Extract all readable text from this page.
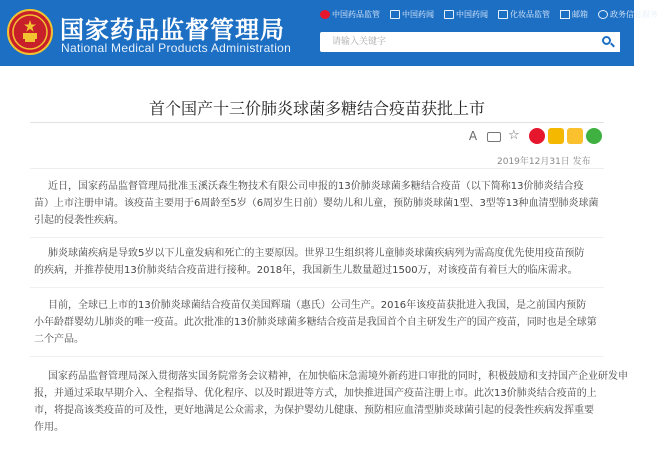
国家药品监督管理局
National Medical Products Administration
中国药品监管	中国药闻	中国药闻	化妆品监管	邮箱	政务信息服务
请输入关键字
首个国产十三价肺炎球菌多糖结合疫苗获批上市
A ☆
2019年12月31日 发布
近日，国家药品监督管理局批准玉溪沃森生物技术有限公司申报的13价肺炎球菌多糖结合疫苗（以下简称13价肺炎结合疫
苗）上市注册申请。该疫苗主要用于6周龄至5岁（6周岁生日前）婴幼儿和儿童，预防肺炎球菌1型、3型等13种血清型肺炎球菌
引起的侵袭性疾病。
肺炎球菌疾病是导致5岁以下儿童发病和死亡的主要原因。世界卫生组织将儿童肺炎球菌疾病列为需高度优先使用疫苗预防
的疾病，并推荐使用13价肺炎结合疫苗进行接种。2018年，我国新生儿数量超过1500万，对该疫苗有着巨大的临床需求。
目前，全球已上市的13价肺炎球菌结合疫苗仅美国辉瑞（惠氏）公司生产。2016年该疫苗获批进入我国，是之前国内预防
小年龄群婴幼儿肺炎的唯一疫苗。此次批准的13价肺炎球菌多糖结合疫苗是我国首个自主研发生产的国产疫苗，同时也是全球第
二个产品。
国家药品监督管理局深入贯彻落实国务院常务会议精神，在加快临床急需境外新药进口审批的同时，积极鼓励和支持国产企业研发申
报，并通过采取早期介入、全程指导、优化程序、以及时跟进等方式，加快推进国产疫苗注册上市。此次13价肺炎结合疫苗的上
市，将提高该类疫苗的可及性，更好地满足公众需求，为保护婴幼儿健康、预防相应血清型肺炎球菌引起的侵袭性疾病发挥重要
作用。
